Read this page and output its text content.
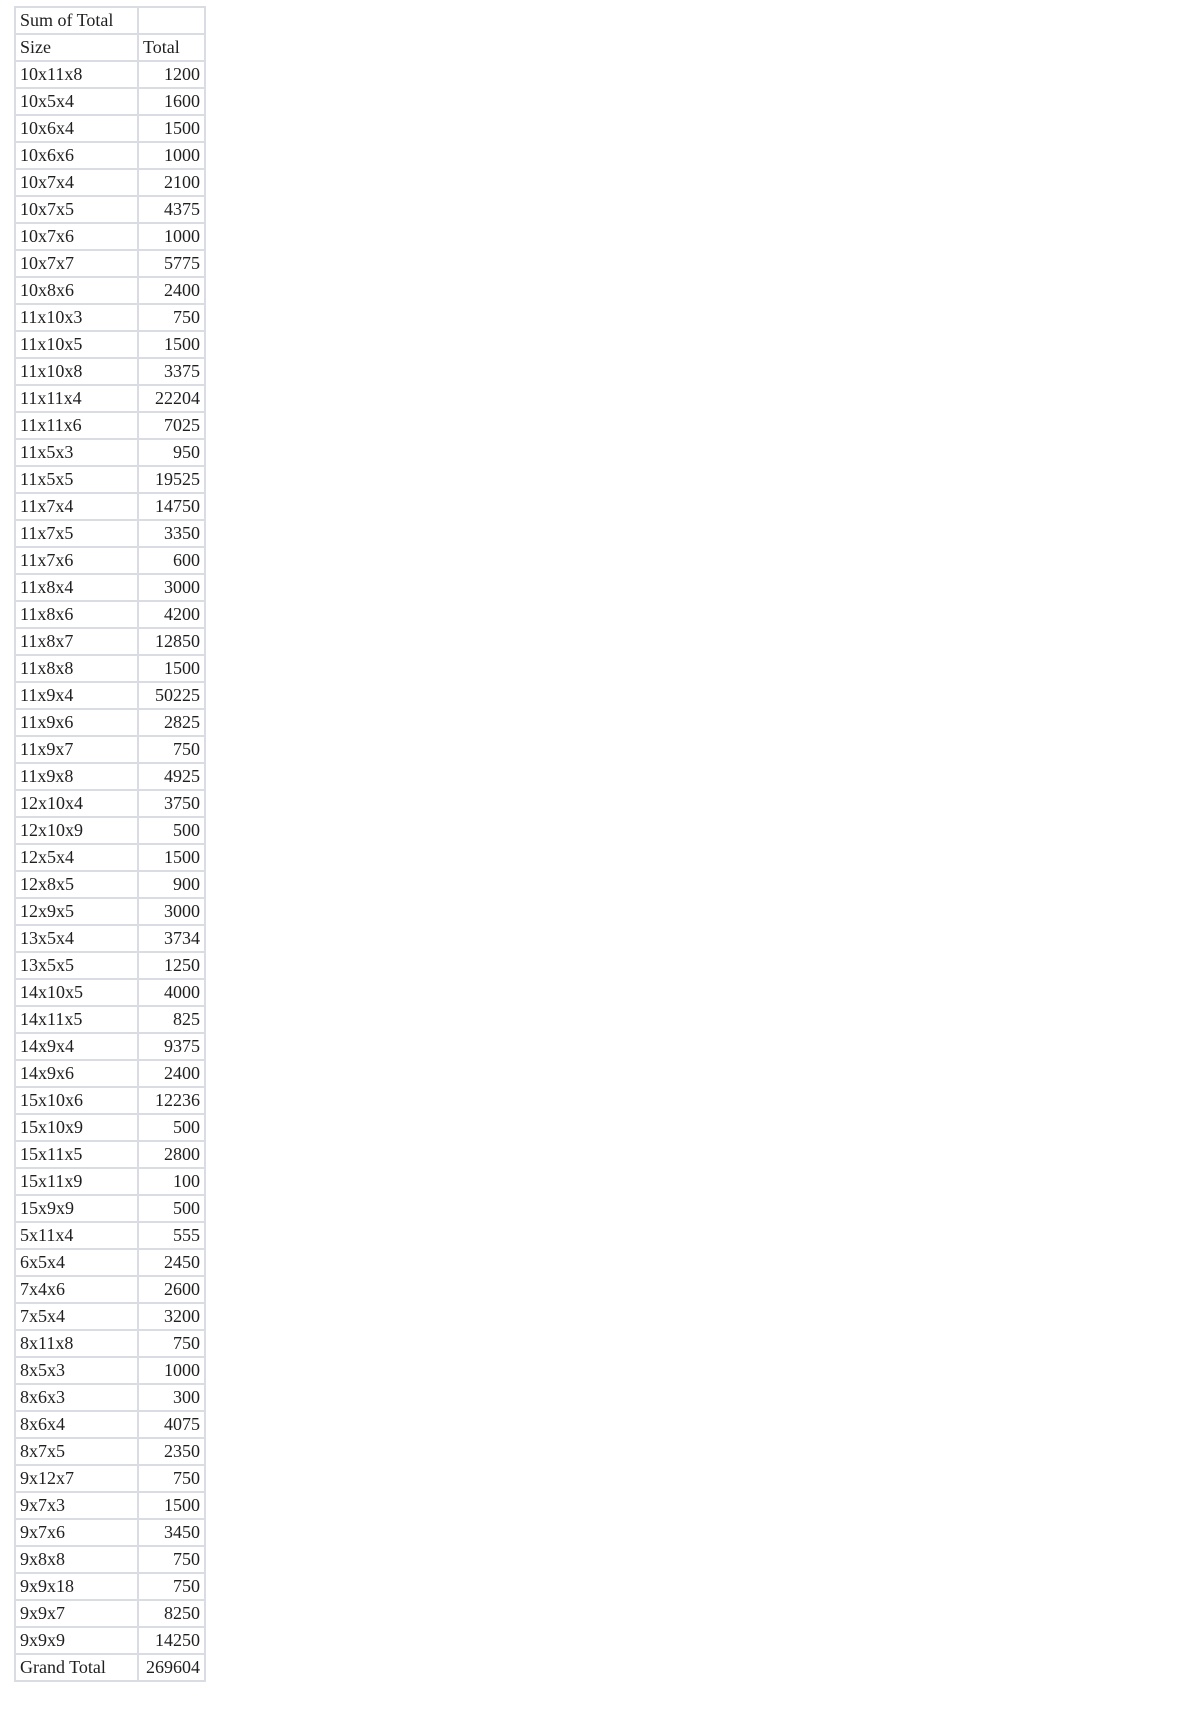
Sum of Total	
Size	Total
10x11x8	1200
10x5x4	1600
10x6x4	1500
10x6x6	1000
10x7x4	2100
10x7x5	4375
10x7x6	1000
10x7x7	5775
10x8x6	2400
11x10x3	750
11x10x5	1500
11x10x8	3375
11x11x4	22204
11x11x6	7025
11x5x3	950
11x5x5	19525
11x7x4	14750
11x7x5	3350
11x7x6	600
11x8x4	3000
11x8x6	4200
11x8x7	12850
11x8x8	1500
11x9x4	50225
11x9x6	2825
11x9x7	750
11x9x8	4925
12x10x4	3750
12x10x9	500
12x5x4	1500
12x8x5	900
12x9x5	3000
13x5x4	3734
13x5x5	1250
14x10x5	4000
14x11x5	825
14x9x4	9375
14x9x6	2400
15x10x6	12236
15x10x9	500
15x11x5	2800
15x11x9	100
15x9x9	500
5x11x4	555
6x5x4	2450
7x4x6	2600
7x5x4	3200
8x11x8	750
8x5x3	1000
8x6x3	300
8x6x4	4075
8x7x5	2350
9x12x7	750
9x7x3	1500
9x7x6	3450
9x8x8	750
9x9x18	750
9x9x7	8250
9x9x9	14250
Grand Total	269604
